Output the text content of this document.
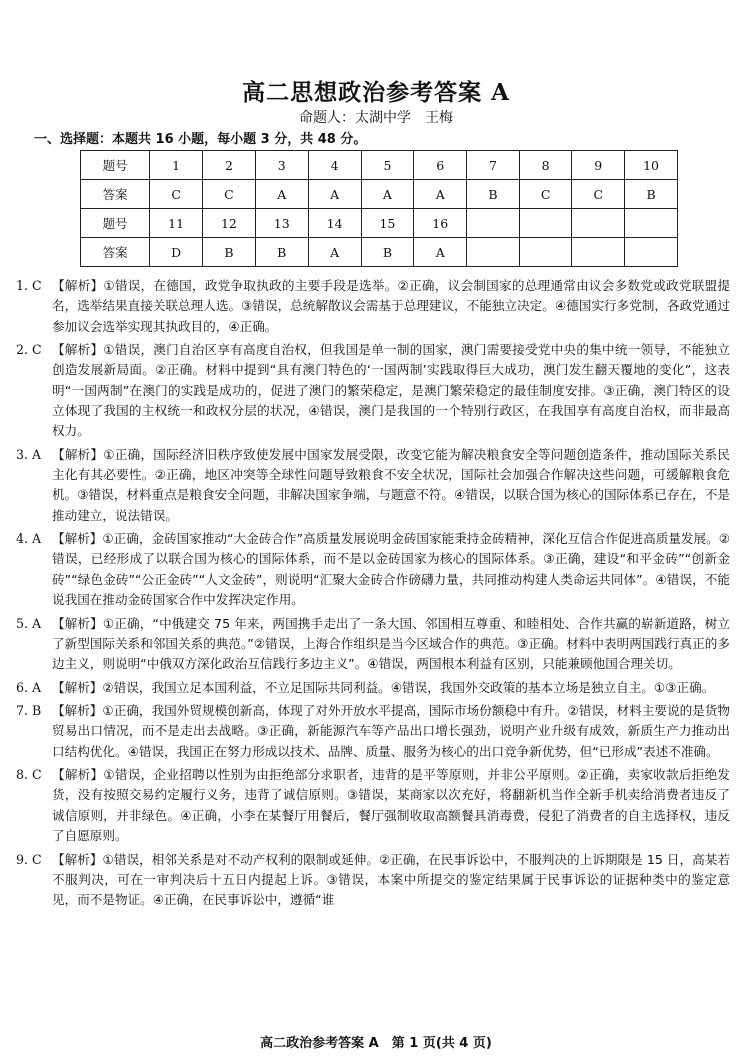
高二思想政治参考答案 A
命题人：太湖中学　王梅
一、选择题：本题共 16 小题，每小题 3 分，共 48 分。
题号	1	2	3	4	5	6	7	8	9	10
答案	C	C	A	A	A	A	B	C	C	B
题号	11	12	13	14	15	16				
答案	D	B	B	A	B	A				
1. C 【解析】①错误，在德国，政党争取执政的主要手段是选举。②正确，议会制国家的总理通常由议会多数党或政党联盟提名，选举结果直接关联总理人选。③错误，总统解散议会需基于总理建议，不能独立决定。④德国实行多党制，各政党通过参加议会选举实现其执政目的，④正确。
2. C 【解析】①错误，澳门自治区享有高度自治权，但我国是单一制的国家，澳门需要接受党中央的集中统一领导，不能独立创造发展新局面。②正确。材料中提到“具有澳门特色的‘一国两制’实践取得巨大成功，澳门发生翻天覆地的变化”，这表明“一国两制”在澳门的实践是成功的，促进了澳门的繁荣稳定，是澳门繁荣稳定的最佳制度安排。③正确，澳门特区的设立体现了我国的主权统一和政权分层的状况，④错误，澳门是我国的一个特别行政区，在我国享有高度自治权，而非最高权力。
3. A 【解析】①正确，国际经济旧秩序致使发展中国家发展受限，改变它能为解决粮食安全等问题创造条件，推动国际关系民主化有其必要性。②正确，地区冲突等全球性问题导致粮食不安全状况，国际社会加强合作解决这些问题，可缓解粮食危机。③错误，材料重点是粮食安全问题，非解决国家争端，与题意不符。④错误，以联合国为核心的国际体系已存在，不是推动建立，说法错误。
4. A 【解析】①正确，金砖国家推动“大金砖合作”高质量发展说明金砖国家能秉持金砖精神，深化互信合作促进高质量发展。②错误，已经形成了以联合国为核心的国际体系，而不是以金砖国家为核心的国际体系。③正确，建设“和平金砖”“创新金砖”“绿色金砖”“公正金砖”“人文金砖”，则说明“汇聚大金砖合作磅礴力量，共同推动构建人类命运共同体”。④错误，不能说我国在推动金砖国家合作中发挥决定作用。
5. A 【解析】①正确，“中俄建交 75 年来，两国携手走出了一条大国、邻国相互尊重、和睦相处、合作共赢的崭新道路，树立了新型国际关系和邻国关系的典范。”②错误，上海合作组织是当今区域合作的典范。③正确。材料中表明两国践行真正的多边主义，则说明“中俄双方深化政治互信践行多边主义”。④错误，两国根本利益有区别，只能兼顾他国合理关切。
6. A 【解析】②错误，我国立足本国利益，不立足国际共同利益。④错误，我国外交政策的基本立场是独立自主。①③正确。
7. B 【解析】①正确，我国外贸规模创新高，体现了对外开放水平提高，国际市场份额稳中有升。②错误，材料主要说的是货物贸易出口情况，而不是走出去战略。③正确，新能源汽车等产品出口增长强劲，说明产业升级有成效，新质生产力推动出口结构优化。④错误，我国正在努力形成以技术、品牌、质量、服务为核心的出口竞争新优势，但“已形成”表述不准确。
8. C 【解析】①错误，企业招聘以性别为由拒绝部分求职者，违背的是平等原则，并非公平原则。②正确，卖家收款后拒绝发货，没有按照交易约定履行义务，违背了诚信原则。③错误，某商家以次充好，将翻新机当作全新手机卖给消费者违反了诚信原则，并非绿色。④正确，小李在某餐厅用餐后，餐厅强制收取高额餐具消毒费，侵犯了消费者的自主选择权，违反了自愿原则。
9. C 【解析】①错误，相邻关系是对不动产权利的限制或延伸。②正确，在民事诉讼中，不服判决的上诉期限是 15 日，高某若不服判决，可在一审判决后十五日内提起上诉。③错误，本案中所提交的鉴定结果属于民事诉讼的证据种类中的鉴定意见，而不是物证。④正确，在民事诉讼中，遵循“谁
高二政治参考答案 A　第 1 页(共 4 页)
